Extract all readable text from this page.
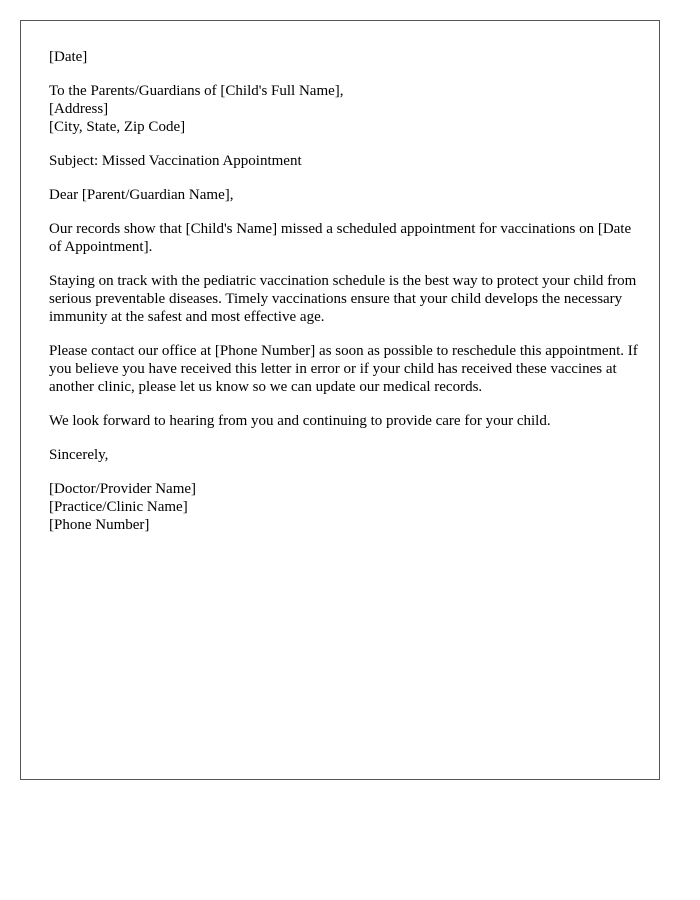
[Date]

To the Parents/Guardians of [Child's Full Name],
[Address]
[City, State, Zip Code]

Subject: Missed Vaccination Appointment

Dear [Parent/Guardian Name],

Our records show that [Child's Name] missed a scheduled appointment for vaccinations on [Date of Appointment].

Staying on track with the pediatric vaccination schedule is the best way to protect your child from serious preventable diseases. Timely vaccinations ensure that your child develops the necessary immunity at the safest and most effective age.

Please contact our office at [Phone Number] as soon as possible to reschedule this appointment. If you believe you have received this letter in error or if your child has received these vaccines at another clinic, please let us know so we can update our medical records.

We look forward to hearing from you and continuing to provide care for your child.

Sincerely,

[Doctor/Provider Name]
[Practice/Clinic Name]
[Phone Number]
